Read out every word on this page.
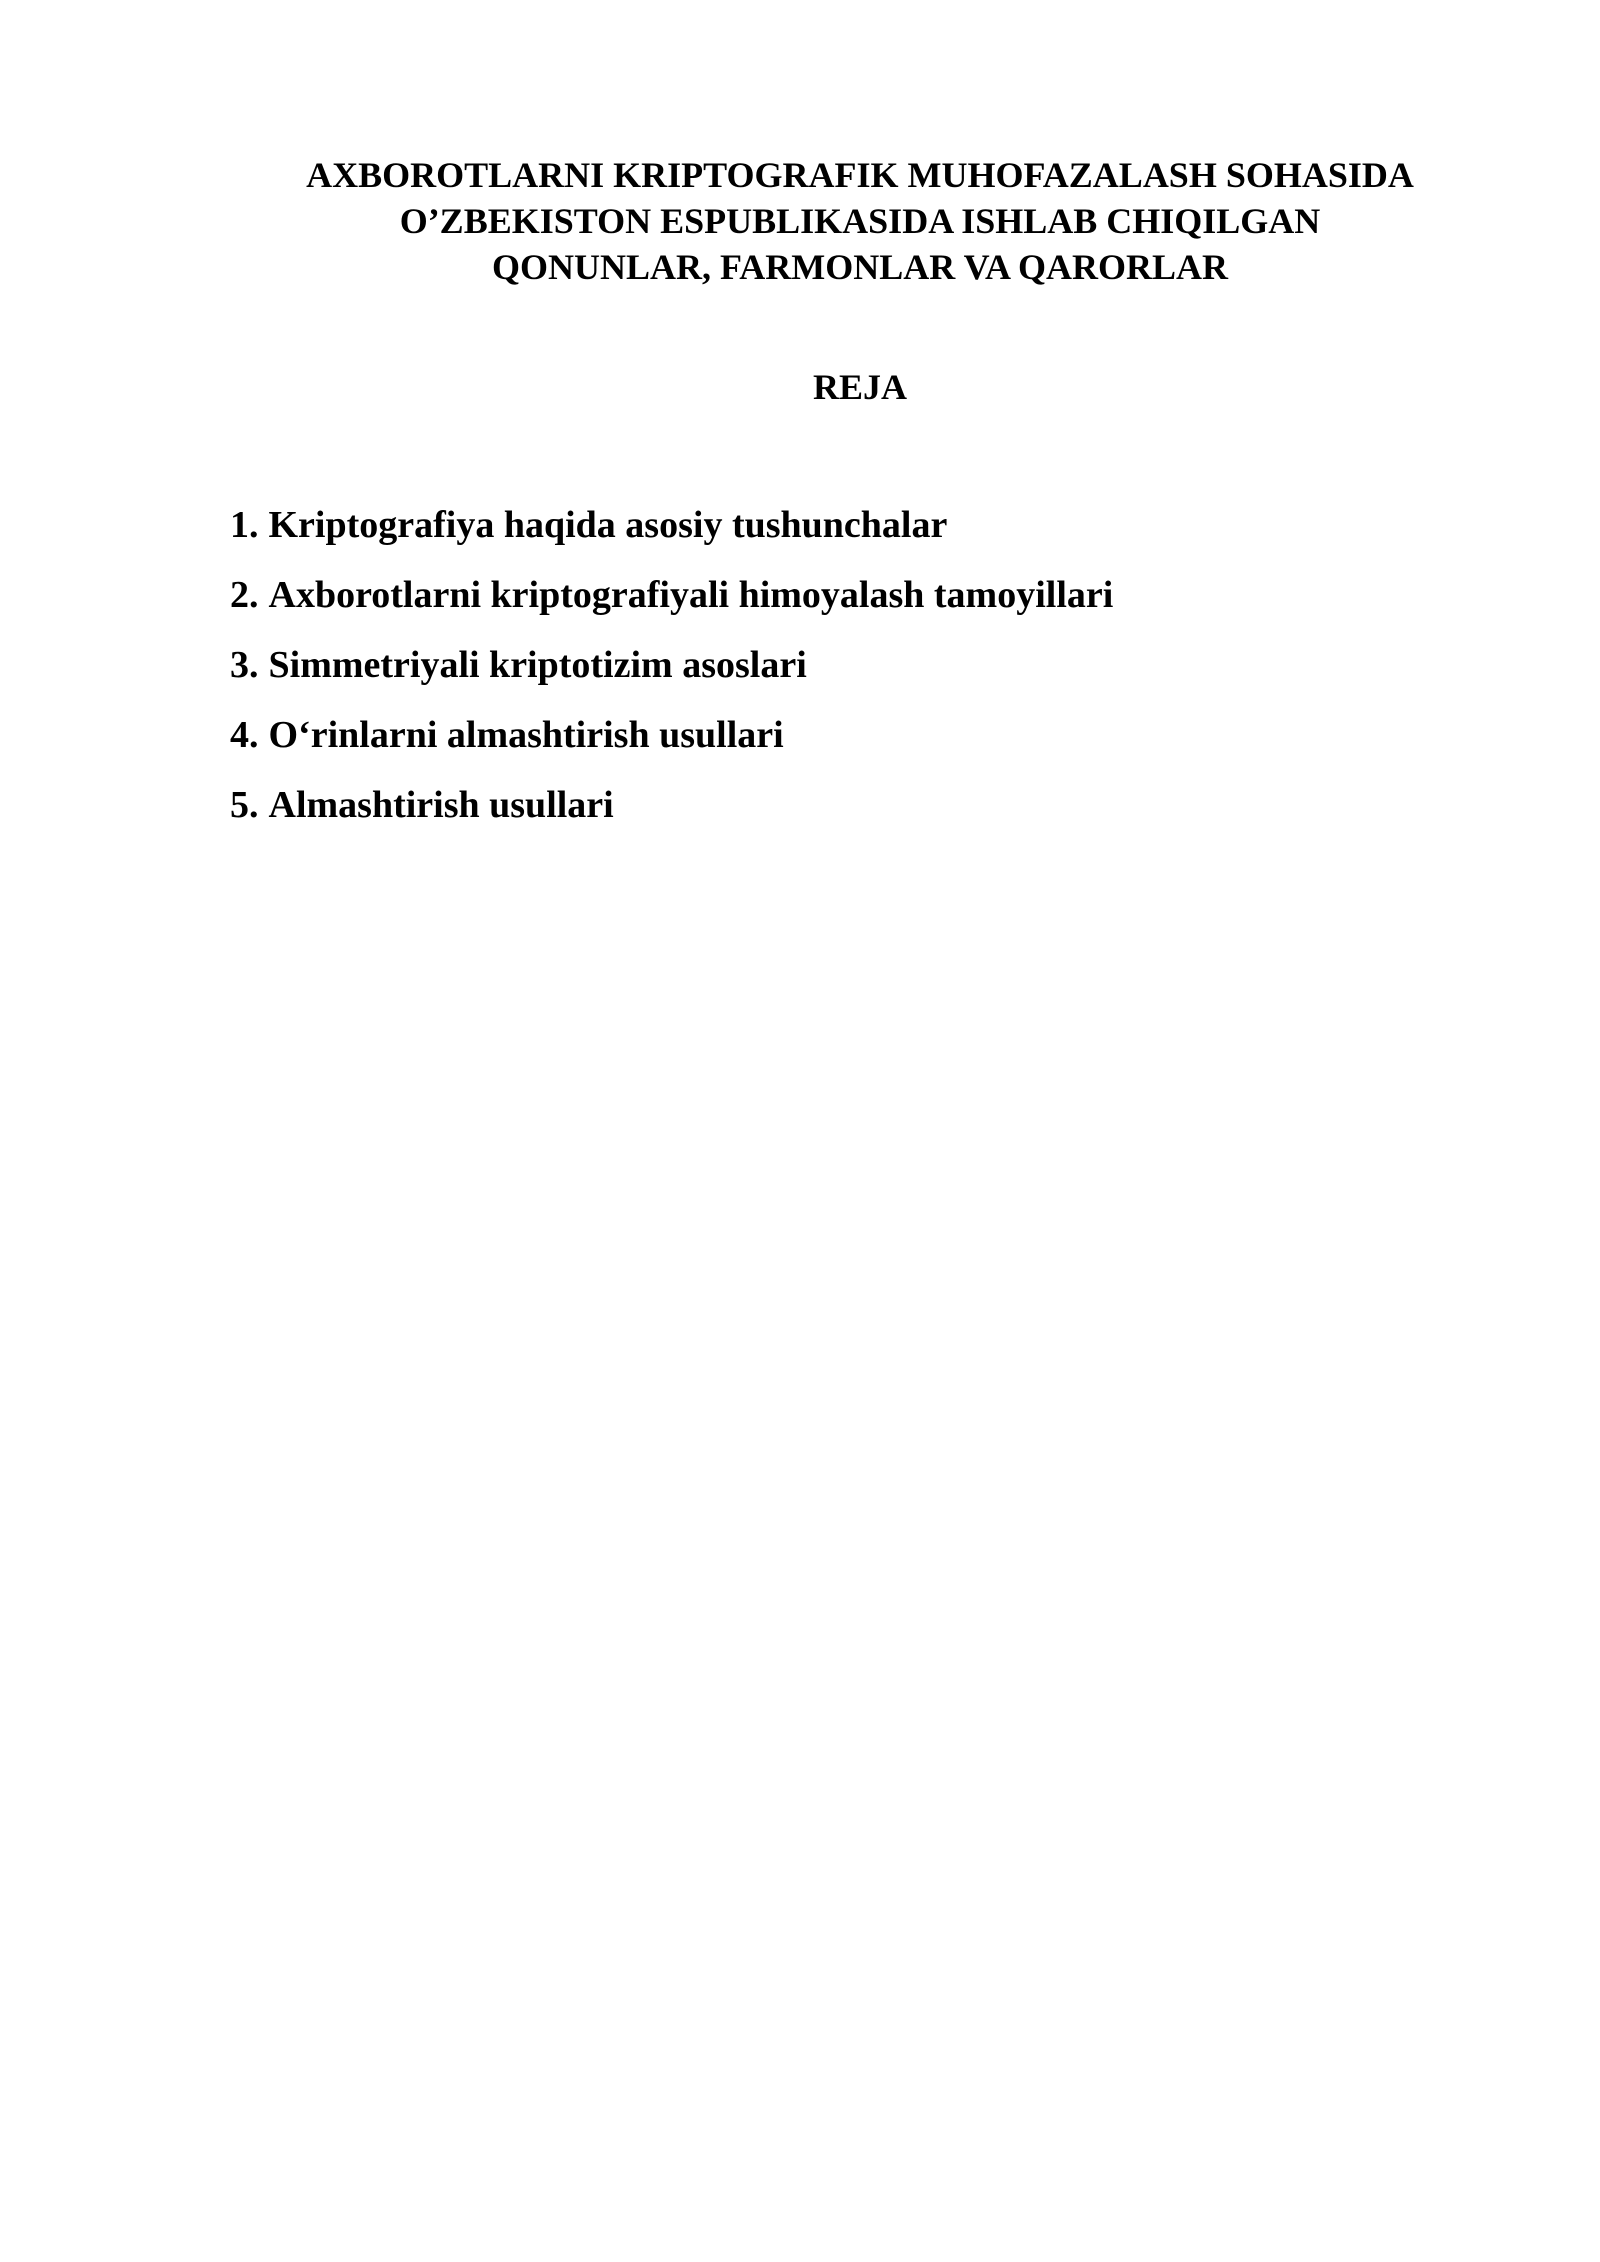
AXBOROTLARNI KRIPTOGRAFIK MUHOFAZALASH SOHASIDA
O’ZBEKISTON ESPUBLIKASIDA ISHLAB CHIQILGAN
QONUNLAR, FARMONLAR VA QARORLAR
REJA
1. Kriptografiya haqida asosiy tushunchalar
2. Axborotlarni kriptografiyali himoyalash tamoyillari
3. Simmetriyali kriptotizim asoslari
4. O‘rinlarni almashtirish usullari
5. Almashtirish usullari
